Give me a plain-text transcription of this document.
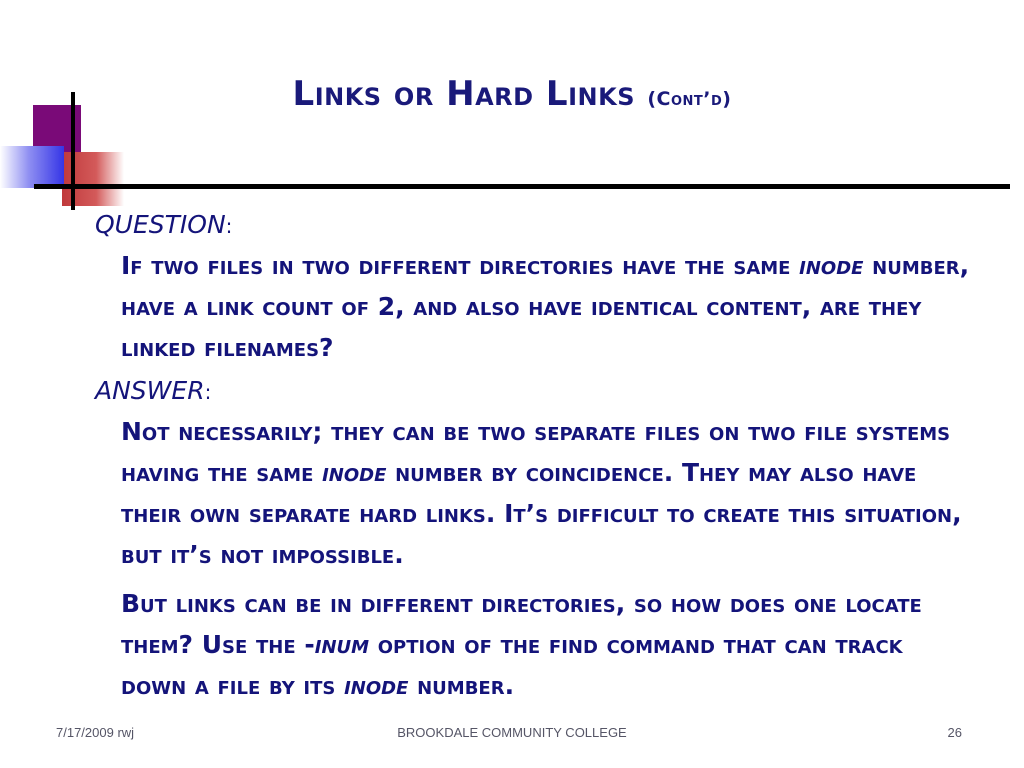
Links or Hard Links (Cont’d)
QUESTION:
If two files in two different directories have the same inode number, have a link count of 2, and also have identical content, are they linked filenames?
ANSWER:
Not necessarily; they can be two separate files on two file systems having the same inode number by coincidence. They may also have their own separate hard links. It’s difficult to create this situation, but it’s not impossible.
But links can be in different directories, so how does one locate them? Use the -inum option of the find command that can track down a file by its inode number.
7/17/2009 rwj	BROOKDALE COMMUNITY COLLEGE	26
